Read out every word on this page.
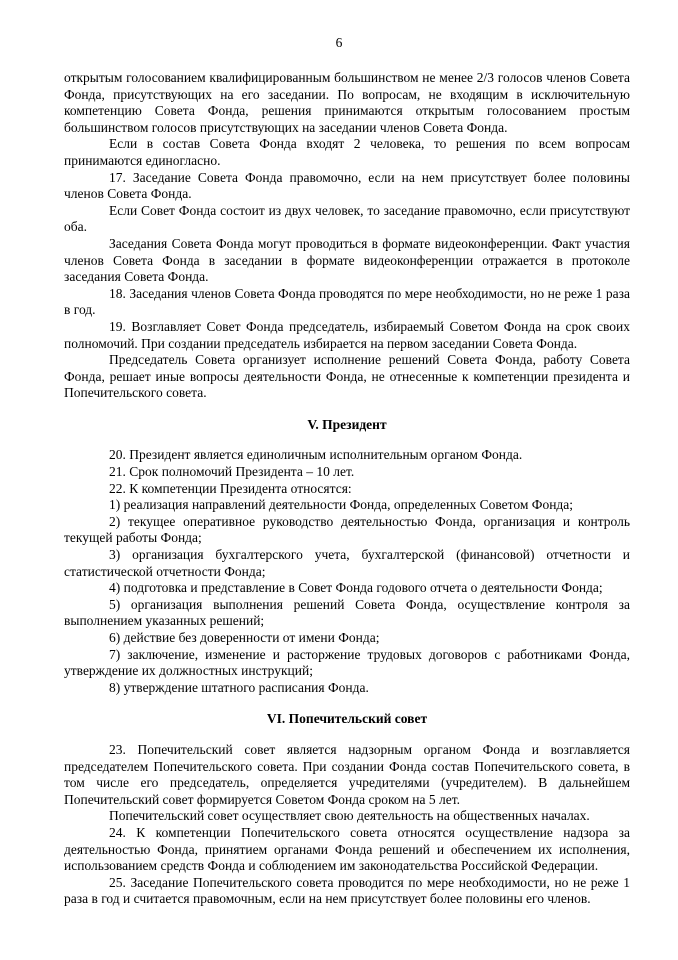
6

открытым голосованием квалифицированным большинством не менее 2/3 голосов членов Совета Фонда, присутствующих на его заседании. По вопросам, не входящим в исключительную компетенцию Совета Фонда, решения принимаются открытым голосованием простым большинством голосов присутствующих на заседании членов Совета Фонда.

Если в состав Совета Фонда входят 2 человека, то решения по всем вопросам принимаются единогласно.

17. Заседание Совета Фонда правомочно, если на нем присутствует более половины членов Совета Фонда.

Если Совет Фонда состоит из двух человек, то заседание правомочно, если присутствуют оба.

Заседания Совета Фонда могут проводиться в формате видеоконференции. Факт участия членов Совета Фонда в заседании в формате видеоконференции отражается в протоколе заседания Совета Фонда.

18. Заседания членов Совета Фонда проводятся по мере необходимости, но не реже 1 раза в год.

19. Возглавляет Совет Фонда председатель, избираемый Советом Фонда на срок своих полномочий. При создании председатель избирается на первом заседании Совета Фонда.

Председатель Совета организует исполнение решений Совета Фонда, работу Совета Фонда, решает иные вопросы деятельности Фонда, не отнесенные к компетенции президента и Попечительского совета.

V. Президент

20. Президент является единоличным исполнительным органом Фонда.

21. Срок полномочий Президента – 10 лет.

22. К компетенции Президента относятся:

1) реализация направлений деятельности Фонда, определенных Советом Фонда;

2) текущее оперативное руководство деятельностью Фонда, организация и контроль текущей работы Фонда;

3) организация бухгалтерского учета, бухгалтерской (финансовой) отчетности и статистической отчетности Фонда;

4) подготовка и представление в Совет Фонда годового отчета о деятельности Фонда;

5) организация выполнения решений Совета Фонда, осуществление контроля за выполнением указанных решений;

6) действие без доверенности от имени Фонда;

7) заключение, изменение и расторжение трудовых договоров с работниками Фонда, утверждение их должностных инструкций;

8) утверждение штатного расписания Фонда.

VI. Попечительский совет

23. Попечительский совет является надзорным органом Фонда и возглавляется председателем Попечительского совета. При создании Фонда состав Попечительского совета, в том числе его председатель, определяется учредителями (учредителем). В дальнейшем Попечительский совет формируется Советом Фонда сроком на 5 лет.

Попечительский совет осуществляет свою деятельность на общественных началах.

24. К компетенции Попечительского совета относятся осуществление надзора за деятельностью Фонда, принятием органами Фонда решений и обеспечением их исполнения, использованием средств Фонда и соблюдением им законодательства Российской Федерации.

25. Заседание Попечительского совета проводится по мере необходимости, но не реже 1 раза в год и считается правомочным, если на нем присутствует более половины его членов.
